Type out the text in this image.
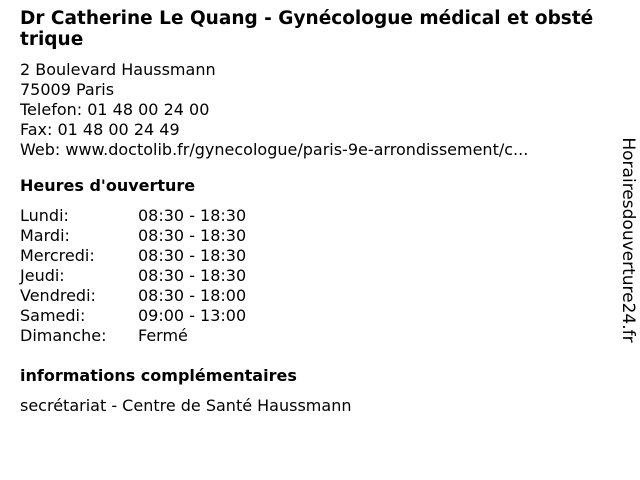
Dr Catherine Le Quang - Gynécologue médical et obstétrique
2 Boulevard Haussmann
75009 Paris
Telefon: 01 48 00 24 00
Fax: 01 48 00 24 49
Web: www.doctolib.fr/gynecologue/paris-9e-arrondissement/c...
Heures d'ouverture
Lundi:	08:30 - 18:30
Mardi:	08:30 - 18:30
Mercredi:	08:30 - 18:30
Jeudi:	08:30 - 18:30
Vendredi:	08:30 - 18:00
Samedi:	09:00 - 13:00
Dimanche:	Fermé
informations complémentaires
secrétariat - Centre de Santé Haussmann
Horairesdouverture24.fr
